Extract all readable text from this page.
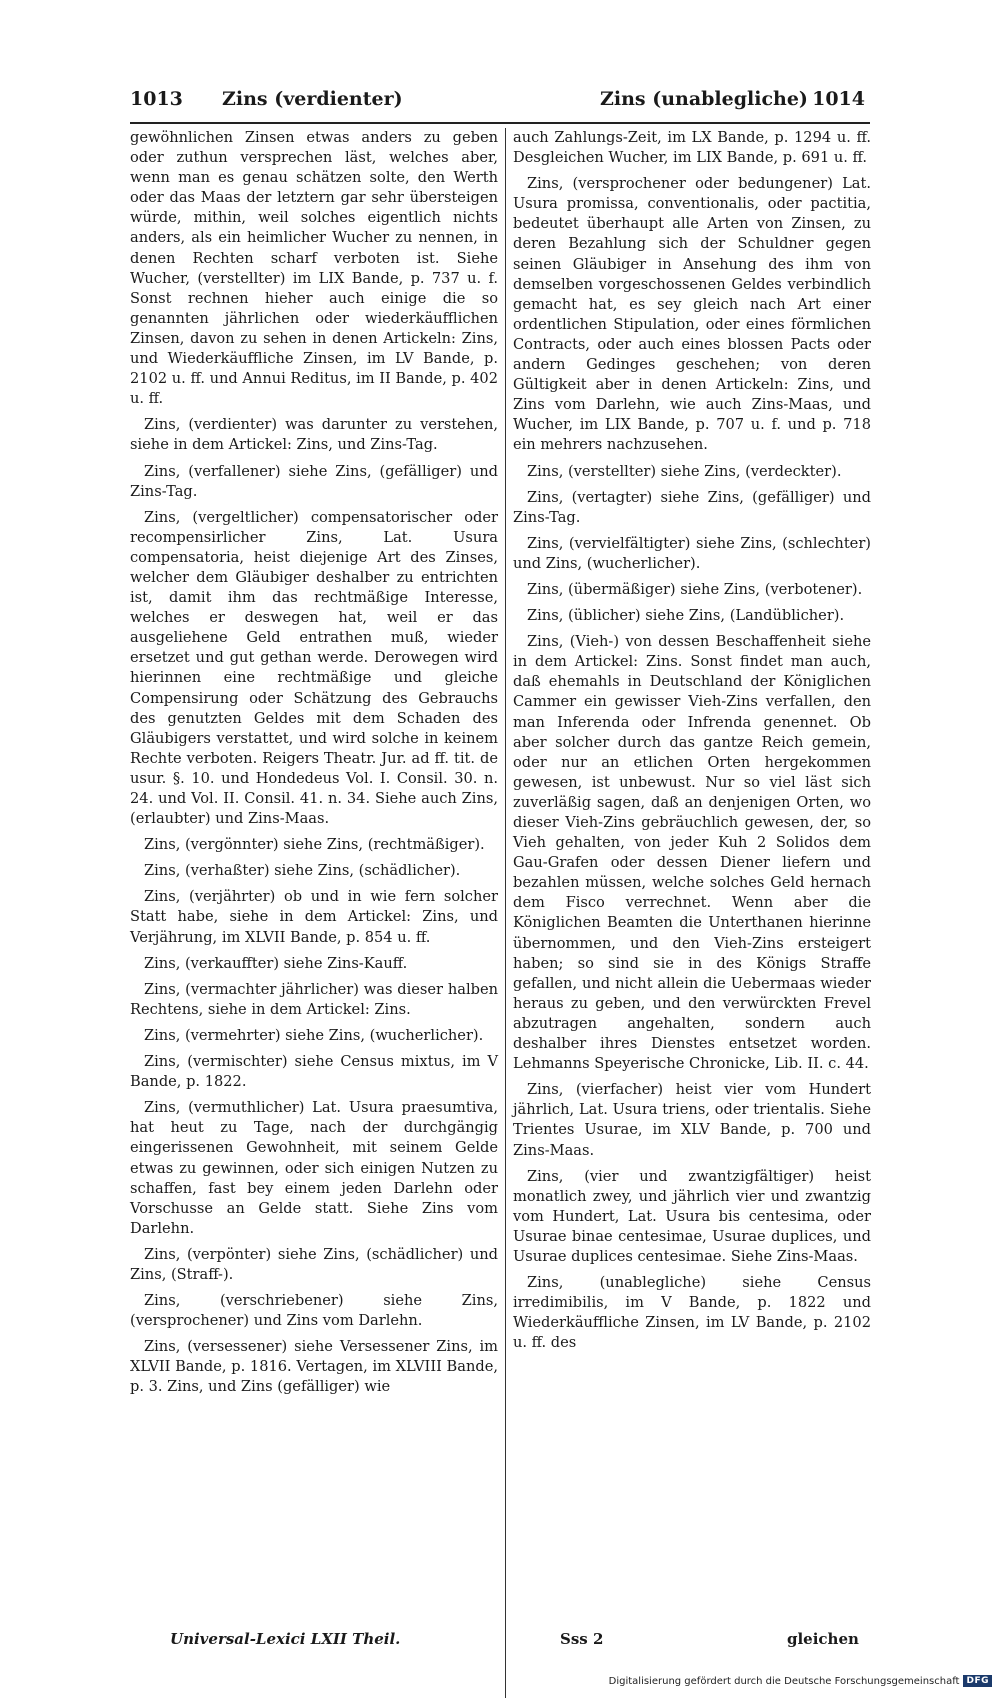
1013 Zins (verdienter)	Zins (unablegliche) 1014

gewöhnlichen Zinsen etwas anders zu geben oder zuthun versprechen läst, welches aber, wenn man es genau schätzen solte, den Werth oder das Maas der letztern gar sehr übersteigen würde, mithin, weil solches eigentlich nichts anders, als ein heimlicher Wucher zu nennen, in denen Rechten scharf verboten ist. Siehe Wucher, (verstellter) im LIX Bande, p. 737 u. f. Sonst rechnen hieher auch einige die so genannten jährlichen oder wiederkäufflichen Zinsen, davon zu sehen in denen Artickeln: Zins, und Wiederkäuffliche Zinsen, im LV Bande, p. 2102 u. ff. und Annui Reditus, im II Bande, p. 402 u. ff.

Zins, (verdienter) was darunter zu verstehen, siehe in dem Artickel: Zins, und Zins-Tag.

Zins, (verfallener) siehe Zins, (gefälliger) und Zins-Tag.

Zins, (vergeltlicher) compensatorischer oder recompensirlicher Zins, Lat. Usura compensatoria, heist diejenige Art des Zinses, welcher dem Gläubiger deshalber zu entrichten ist, damit ihm das rechtmäßige Interesse, welches er deswegen hat, weil er das ausgeliehene Geld entrathen muß, wieder ersetzet und gut gethan werde. Derowegen wird hierinnen eine rechtmäßige und gleiche Compensirung oder Schätzung des Gebrauchs des genutzten Geldes mit dem Schaden des Gläubigers verstattet, und wird solche in keinem Rechte verboten. Reigers Theatr. Jur. ad ff. tit. de usur. §. 10. und Hondedeus Vol. I. Consil. 30. n. 24. und Vol. II. Consil. 41. n. 34. Siehe auch Zins, (erlaubter) und Zins-Maas.

Zins, (vergönnter) siehe Zins, (rechtmäßiger).

Zins, (verhaßter) siehe Zins, (schädlicher).

Zins, (verjährter) ob und in wie fern solcher Statt habe, siehe in dem Artickel: Zins, und Verjährung, im XLVII Bande, p. 854 u. ff.

Zins, (verkauffter) siehe Zins-Kauff.

Zins, (vermachter jährlicher) was dieser halben Rechtens, siehe in dem Artickel: Zins.

Zins, (vermehrter) siehe Zins, (wucherlicher).

Zins, (vermischter) siehe Census mixtus, im V Bande, p. 1822.

Zins, (vermuthlicher) Lat. Usura praesumtiva, hat heut zu Tage, nach der durchgängig eingerissenen Gewohnheit, mit seinem Gelde etwas zu gewinnen, oder sich einigen Nutzen zu schaffen, fast bey einem jeden Darlehn oder Vorschusse an Gelde statt. Siehe Zins vom Darlehn.

Zins, (verpönter) siehe Zins, (schädlicher) und Zins, (Straff-).

Zins, (verschriebener) siehe Zins, (versprochener) und Zins vom Darlehn.

Zins, (versessener) siehe Versessener Zins, im XLVII Bande, p. 1816. Vertagen, im XLVIII Bande, p. 3. Zins, und Zins (gefälliger) wie

auch Zahlungs-Zeit, im LX Bande, p. 1294 u. ff. Desgleichen Wucher, im LIX Bande, p. 691 u. ff.

Zins, (versprochener oder bedungener) Lat. Usura promissa, conventionalis, oder pactitia, bedeutet überhaupt alle Arten von Zinsen, zu deren Bezahlung sich der Schuldner gegen seinen Gläubiger in Ansehung des ihm von demselben vorgeschossenen Geldes verbindlich gemacht hat, es sey gleich nach Art einer ordentlichen Stipulation, oder eines förmlichen Contracts, oder auch eines blossen Pacts oder andern Gedinges geschehen; von deren Gültigkeit aber in denen Artickeln: Zins, und Zins vom Darlehn, wie auch Zins-Maas, und Wucher, im LIX Bande, p. 707 u. f. und p. 718 ein mehrers nachzusehen.

Zins, (verstellter) siehe Zins, (verdeckter).

Zins, (vertagter) siehe Zins, (gefälliger) und Zins-Tag.

Zins, (vervielfältigter) siehe Zins, (schlechter) und Zins, (wucherlicher).

Zins, (übermäßiger) siehe Zins, (verbotener).

Zins, (üblicher) siehe Zins, (Landüblicher).

Zins, (Vieh-) von dessen Beschaffenheit siehe in dem Artickel: Zins. Sonst findet man auch, daß ehemahls in Deutschland der Königlichen Cammer ein gewisser Vieh-Zins verfallen, den man Inferenda oder Infrenda genennet. Ob aber solcher durch das gantze Reich gemein, oder nur an etlichen Orten hergekommen gewesen, ist unbewust. Nur so viel läst sich zuverläßig sagen, daß an denjenigen Orten, wo dieser Vieh-Zins gebräuchlich gewesen, der, so Vieh gehalten, von jeder Kuh 2 Solidos dem Gau-Grafen oder dessen Diener liefern und bezahlen müssen, welche solches Geld hernach dem Fisco verrechnet. Wenn aber die Königlichen Beamten die Unterthanen hierinne übernommen, und den Vieh-Zins ersteigert haben; so sind sie in des Königs Straffe gefallen, und nicht allein die Uebermaas wieder heraus zu geben, und den verwürckten Frevel abzutragen angehalten, sondern auch deshalber ihres Dienstes entsetzet worden. Lehmanns Speyerische Chronicke, Lib. II. c. 44.

Zins, (vierfacher) heist vier vom Hundert jährlich, Lat. Usura triens, oder trientalis. Siehe Trientes Usurae, im XLV Bande, p. 700 und Zins-Maas.

Zins, (vier und zwantzigfältiger) heist monatlich zwey, und jährlich vier und zwantzig vom Hundert, Lat. Usura bis centesima, oder Usurae binae centesimae, Usurae duplices, und Usurae duplices centesimae. Siehe Zins-Maas.

Zins, (unablegliche) siehe Census irredimibilis, im V Bande, p. 1822 und Wiederkäuffliche Zinsen, im LV Bande, p. 2102 u. ff. des

Universal-Lexici LXII Theil.	Sss 2	gleichen
Digitalisierung gefördert durch die Deutsche Forschungsgemeinschaft DFG
